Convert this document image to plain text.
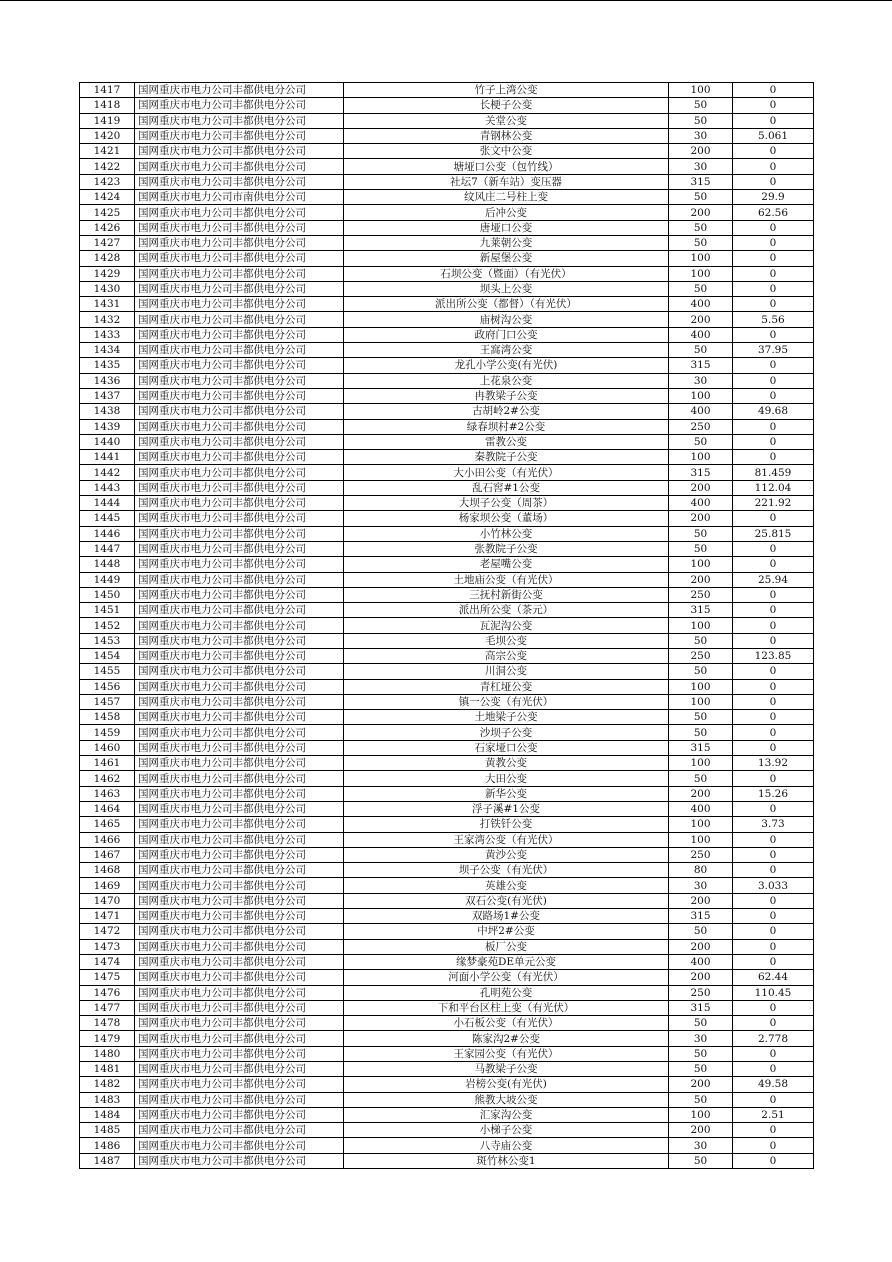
1417	国网重庆市电力公司丰都供电分公司	竹子上湾公变	100	0
1418	国网重庆市电力公司丰都供电分公司	长梗子公变	50	0
1419	国网重庆市电力公司丰都供电分公司	关堂公变	50	0
1420	国网重庆市电力公司丰都供电分公司	青钢林公变	30	5.061
1421	国网重庆市电力公司丰都供电分公司	张文中公变	200	0
1422	国网重庆市电力公司丰都供电分公司	塘垭口公变（包竹线）	30	0
1423	国网重庆市电力公司丰都供电分公司	社坛7（新车站）变压器	315	0
1424	国网重庆市电力公司市南供电分公司	纹风庄二号柱上变	50	29.9
1425	国网重庆市电力公司丰都供电分公司	后冲公变	200	62.56
1426	国网重庆市电力公司丰都供电分公司	唐垭口公变	50	0
1427	国网重庆市电力公司丰都供电分公司	九莱朝公变	50	0
1428	国网重庆市电力公司丰都供电分公司	新屋堡公变	100	0
1429	国网重庆市电力公司丰都供电分公司	石坝公变（暨面）（有光伏）	100	0
1430	国网重庆市电力公司丰都供电分公司	坝头上公变	50	0
1431	国网重庆市电力公司丰都供电分公司	派出所公变（都督）（有光伏）	400	0
1432	国网重庆市电力公司丰都供电分公司	庙树沟公变	200	5.56
1433	国网重庆市电力公司丰都供电分公司	政府门口公变	400	0
1434	国网重庆市电力公司丰都供电分公司	王窩湾公变	50	37.95
1435	国网重庆市电力公司丰都供电分公司	龙孔小学公变(有光伏)	315	0
1436	国网重庆市电力公司丰都供电分公司	上花泉公变	30	0
1437	国网重庆市电力公司丰都供电分公司	冉教梁子公变	100	0
1438	国网重庆市电力公司丰都供电分公司	古胡岭2#公变	400	49.68
1439	国网重庆市电力公司丰都供电分公司	绿春坝村#2公变	250	0
1440	国网重庆市电力公司丰都供电分公司	雷教公变	50	0
1441	国网重庆市电力公司丰都供电分公司	秦教院子公变	100	0
1442	国网重庆市电力公司丰都供电分公司	大小田公变（有光伏）	315	81.459
1443	国网重庆市电力公司丰都供电分公司	乱石窖#1公变	200	112.04
1444	国网重庆市电力公司丰都供电分公司	大坝子公变（周茶）	400	221.92
1445	国网重庆市电力公司丰都供电分公司	杨家坝公变（董场）	200	0
1446	国网重庆市电力公司丰都供电分公司	小竹林公变	50	25.815
1447	国网重庆市电力公司丰都供电分公司	张教院子公变	50	0
1448	国网重庆市电力公司丰都供电分公司	老屋嘴公变	100	0
1449	国网重庆市电力公司丰都供电分公司	土地庙公变（有光伏）	200	25.94
1450	国网重庆市电力公司丰都供电分公司	三抚村新街公变	250	0
1451	国网重庆市电力公司丰都供电分公司	派出所公变（茶元）	315	0
1452	国网重庆市电力公司丰都供电分公司	瓦泥沟公变	100	0
1453	国网重庆市电力公司丰都供电分公司	毛坝公变	50	0
1454	国网重庆市电力公司丰都供电分公司	高宗公变	250	123.85
1455	国网重庆市电力公司丰都供电分公司	川洞公变	50	0
1456	国网重庆市电力公司丰都供电分公司	青杠垭公变	100	0
1457	国网重庆市电力公司丰都供电分公司	镇一公变（有光伏）	100	0
1458	国网重庆市电力公司丰都供电分公司	土地梁子公变	50	0
1459	国网重庆市电力公司丰都供电分公司	沙坝子公变	50	0
1460	国网重庆市电力公司丰都供电分公司	石家垭口公变	315	0
1461	国网重庆市电力公司丰都供电分公司	黄教公变	100	13.92
1462	国网重庆市电力公司丰都供电分公司	大田公变	50	0
1463	国网重庆市电力公司丰都供电分公司	新华公变	200	15.26
1464	国网重庆市电力公司丰都供电分公司	浮子溪#1公变	400	0
1465	国网重庆市电力公司丰都供电分公司	打铁钎公变	100	3.73
1466	国网重庆市电力公司丰都供电分公司	王家湾公变（有光伏）	100	0
1467	国网重庆市电力公司丰都供电分公司	黄沙公变	250	0
1468	国网重庆市电力公司丰都供电分公司	坝子公变（有光伏）	80	0
1469	国网重庆市电力公司丰都供电分公司	英雄公变	30	3.033
1470	国网重庆市电力公司丰都供电分公司	双石公变(有光伏)	200	0
1471	国网重庆市电力公司丰都供电分公司	双路场1#公变	315	0
1472	国网重庆市电力公司丰都供电分公司	中坪2#公变	50	0
1473	国网重庆市电力公司丰都供电分公司	板厂公变	200	0
1474	国网重庆市电力公司丰都供电分公司	缘梦豪苑DE单元公变	400	0
1475	国网重庆市电力公司丰都供电分公司	河面小学公变（有光伏）	200	62.44
1476	国网重庆市电力公司丰都供电分公司	孔明苑公变	250	110.45
1477	国网重庆市电力公司丰都供电分公司	下和平台区柱上变（有光伏）	315	0
1478	国网重庆市电力公司丰都供电分公司	小石板公变（有光伏）	50	0
1479	国网重庆市电力公司丰都供电分公司	陈家沟2#公变	30	2.778
1480	国网重庆市电力公司丰都供电分公司	王家园公变（有光伏）	50	0
1481	国网重庆市电力公司丰都供电分公司	马教梁子公变	50	0
1482	国网重庆市电力公司丰都供电分公司	岩榜公变(有光伏)	200	49.58
1483	国网重庆市电力公司丰都供电分公司	熊教大坡公变	50	0
1484	国网重庆市电力公司丰都供电分公司	汇家沟公变	100	2.51
1485	国网重庆市电力公司丰都供电分公司	小梯子公变	200	0
1486	国网重庆市电力公司丰都供电分公司	八寺庙公变	30	0
1487	国网重庆市电力公司丰都供电分公司	斑竹林公变1	50	0
